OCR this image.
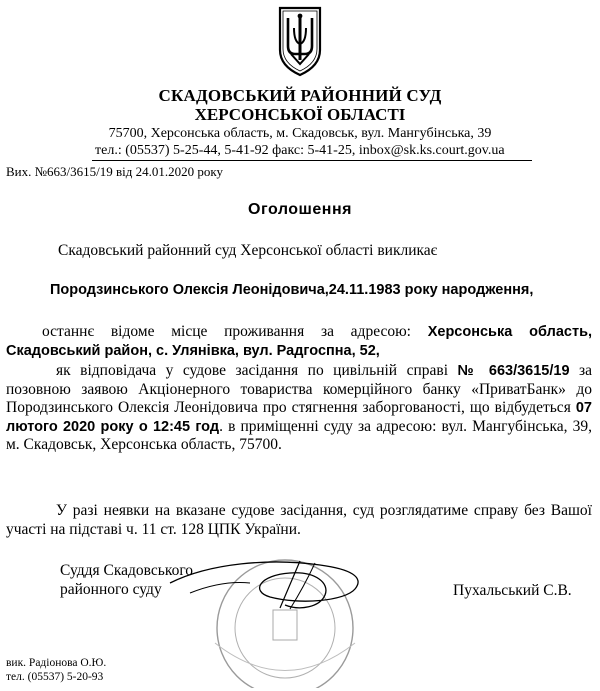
СКАДОВСЬКИЙ РАЙОННИЙ СУД
ХЕРСОНСЬКОЇ ОБЛАСТІ
75700, Херсонська область, м. Скадовськ, вул. Мангубінська, 39
тел.: (05537) 5-25-44, 5-41-92 факс: 5-41-25, inbox@sk.ks.court.gov.ua
Вих. №663/3615/19 від 24.01.2020 року
Оголошення
Скадовський районний суд Херсонської області викликає
Породзинського Олексія Леонідовича,24.11.1983 року народження,
останнє відоме місце проживання за адресою: Херсонська область, Скадовський район, с. Улянівка, вул. Радгоспна, 52,
як відповідача у судове засідання по цивільній справі № 663/3615/19 за позовною заявою Акціонерного товариства комерційного банку «ПриватБанк» до Породзинського Олексія Леонідовича про стягнення заборгованості, що відбудеться 07 лютого 2020 року о 12:45 год. в приміщенні суду за адресою: вул. Мангубінська, 39, м. Скадовськ, Херсонська область, 75700.
У разі неявки на вказане судове засідання, суд розглядатиме справу без Вашої участі на підставі ч. 11 ст. 128 ЦПК України.
Суддя Скадовського
районного суду	Пухальський С.В.
вик. Радіонова О.Ю.
тел. (05537) 5-20-93
